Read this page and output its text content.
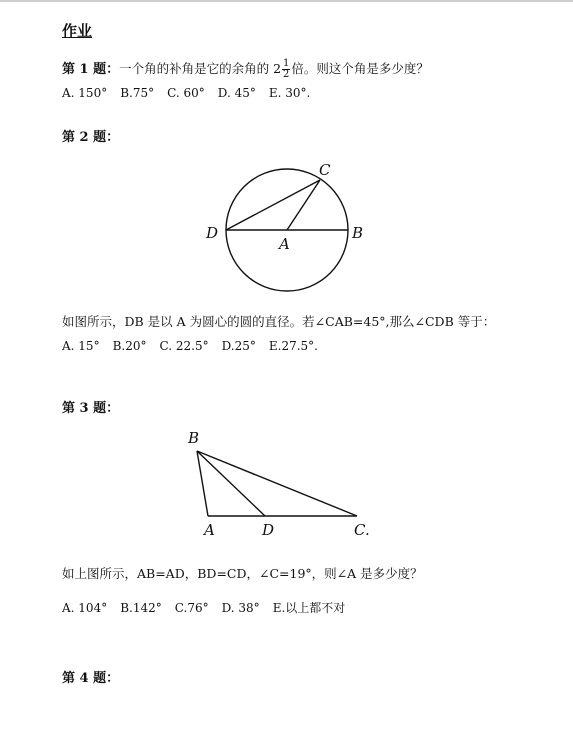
作业
第 1 题：一个角的补角是它的余角的 $2 \frac{1}{2}$ 倍。则这个角是多少度？
A. 150° B.75° C. 60° D. 45° E. 30°.
第 2 题：
C
D
A
B
如图所示，DB 是以 A 为圆心的圆的直径。若∠CAB=45°,那么∠CDB 等于：
A. 15° B.20° C. 22.5° D.25° E.27.5°.
第 3 题：
B
A	D	C.
如上图所示，AB=AD，BD=CD，∠C=19°，则∠A 是多少度？
A. 104° B.142° C.76° D. 38° E.以上都不对
第 4 题：
